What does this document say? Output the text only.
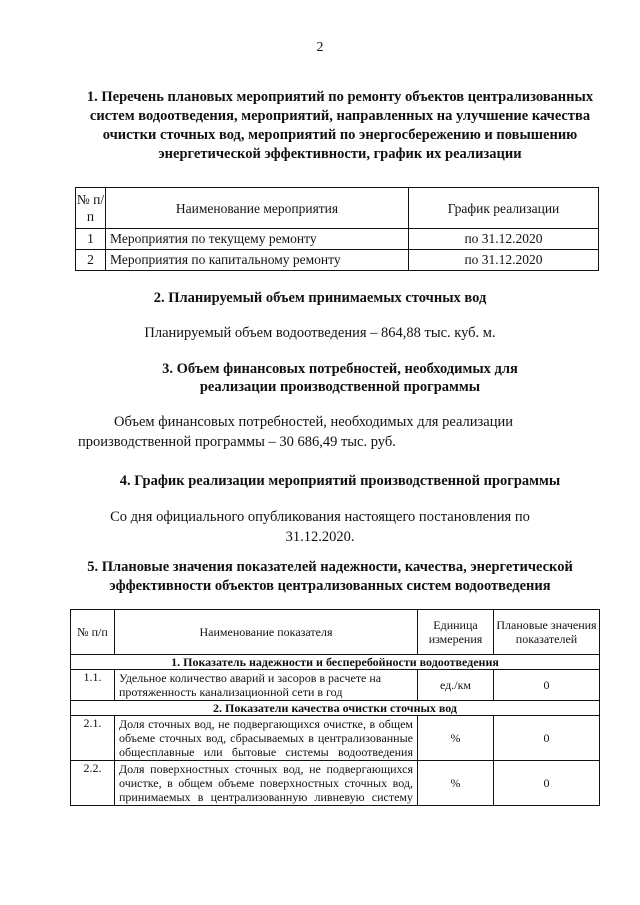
2
1. Перечень плановых мероприятий по ремонту объектов централизованных систем водоотведения, мероприятий, направленных на улучшение качества очистки сточных вод, мероприятий по энергосбережению и повышению энергетической эффективности, график их реализации
№ п/п	Наименование мероприятия	График реализации
1	Мероприятия по текущему ремонту	по 31.12.2020
2	Мероприятия по капитальному ремонту	по 31.12.2020
2. Планируемый объем принимаемых сточных вод
Планируемый объем водоотведения – 864,88 тыс. куб. м.
3. Объем финансовых потребностей, необходимых для
реализации производственной программы
Объем финансовых потребностей, необходимых для реализации
производственной программы – 30 686,49 тыс. руб.
4. График реализации мероприятий производственной программы
Со дня официального опубликования настоящего постановления по
31.12.2020.
5. Плановые значения показателей надежности, качества, энергетической
эффективности объектов централизованных систем водоотведения
№ п/п	Наименование показателя	Единица измерения	Плановые значения показателей
1. Показатель надежности и бесперебойности водоотведения			
1.1.	Удельное количество аварий и засоров в расчете на протяженность канализационной сети в год	ед./км	0
2. Показатели качества очистки сточных вод			
2.1.	Доля сточных вод, не подвергающихся очистке, в общем объеме сточных вод, сбрасываемых в централизованные общесплавные или бытовые системы водоотведения	%	0
2.2.	Доля поверхностных сточных вод, не подвергающихся очистке, в общем объеме поверхностных сточных вод, принимаемых в централизованную ливневую систему	%	0
